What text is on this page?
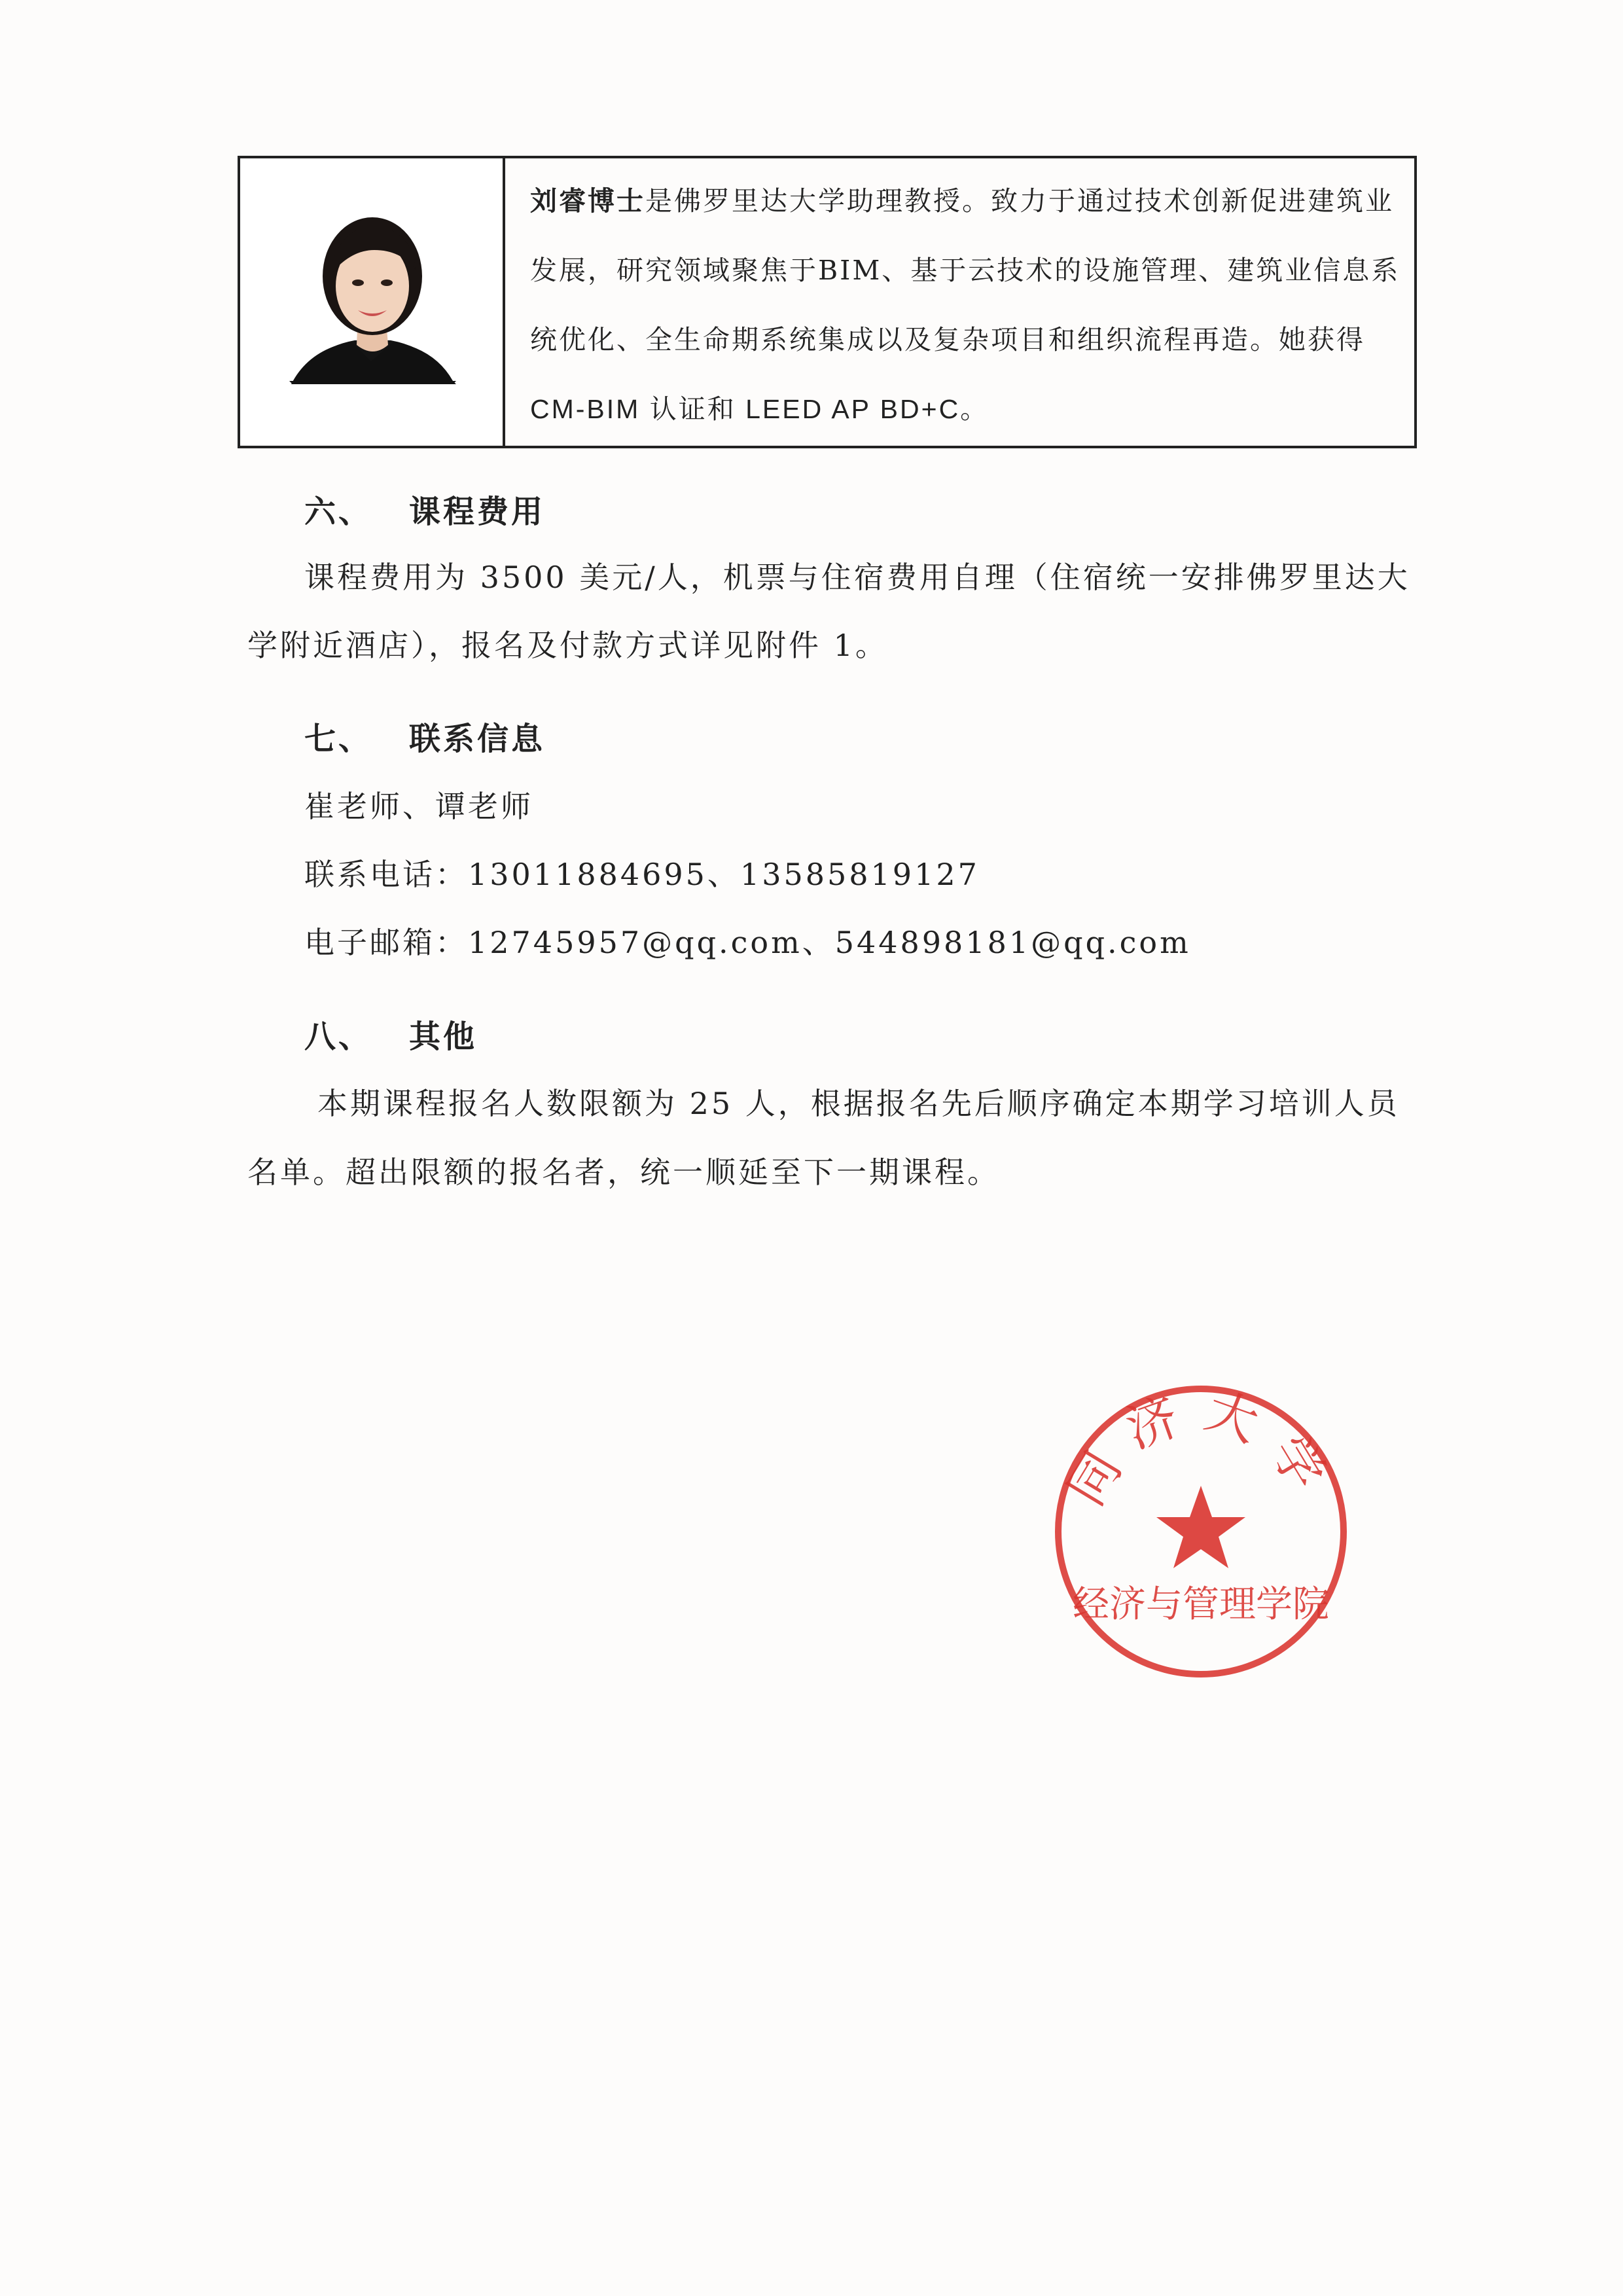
刘睿博士是佛罗里达大学助理教授。致力于通过技术创新促进建筑业
发展，研究领域聚焦于BIM、基于云技术的设施管理、建筑业信息系
统优化、全生命期系统集成以及复杂项目和组织流程再造。她获得
CM-BIM 认证和 LEED AP BD+C。
六、 课程费用
课程费用为 3500 美元/人，机票与住宿费用自理（住宿统一安排佛罗里达大
学附近酒店），报名及付款方式详见附件 1。
七、 联系信息
崔老师、谭老师
联系电话：13011884695、13585819127
电子邮箱：12745957@qq.com、544898181@qq.com
八、 其他
本期课程报名人数限额为 25 人，根据报名先后顺序确定本期学习培训人员
名单。超出限额的报名者，统一顺延至下一期课程。
同济大学
经济与管理学院
